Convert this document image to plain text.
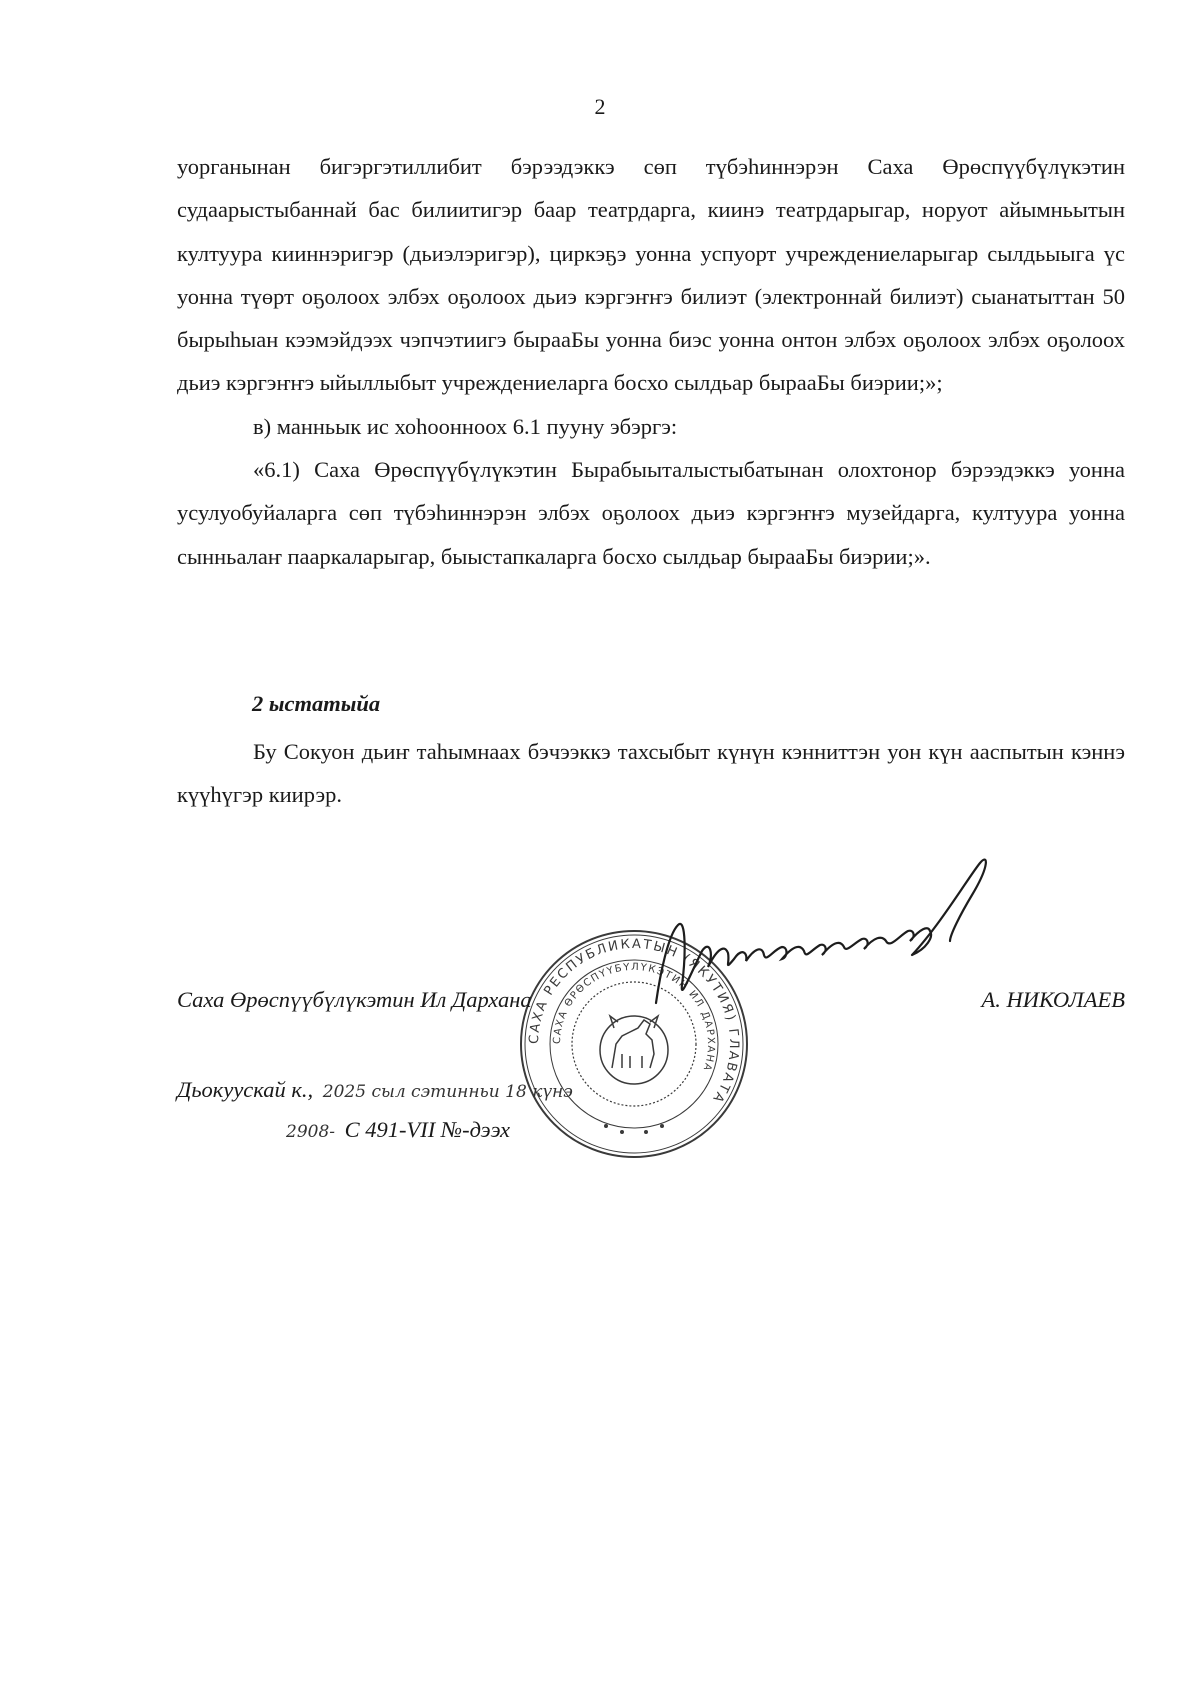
2

уорганынан бигэргэтиллибит бэрээдэккэ сөп түбэһиннэрэн Саха Өрөспүүбүлүкэтин судаарыстыбаннай бас билиитигэр баар театрдарга, киинэ театрдарыгар, норуот айымньытын култуура кииннэригэр (дьиэлэригэр), циркэҕэ уонна успуорт учреждениеларыгар сылдьыыга үс уонна түөрт оҕолоох элбэх оҕолоох дьиэ кэргэҥҥэ билиэт (электроннай билиэт) сыанатыттан 50 бырыһыан кээмэйдээх чэпчэтиигэ бырааБы уонна биэс уонна онтон элбэх оҕолоох элбэх оҕолоох дьиэ кэргэҥҥэ ыйыллыбыт учреждениеларга босхо сылдьар бырааБы биэрии;»;

в) манньык ис хоһоонноох 6.1 пууну эбэргэ:

«6.1) Саха Өрөспүүбүлүкэтин Бырабыыталыстыбатынан олохтонор бэрээдэккэ уонна усулуобуйаларга сөп түбэһиннэрэн элбэх оҕолоох дьиэ кэргэҥҥэ музейдарга, култуура уонна сынньалаҥ пааркаларыгар, быыстапкаларга босхо сылдьар бырааБы биэрии;».

2 ыстатыйа

Бу Сокуон дьиҥ таһымнаах бэчээккэ тахсыбыт күнүн кэнниттэн уон күн ааспытын кэннэ күүһүгэр киирэр.

САХА РЕСПУБЛИКАТЫН (ЯКУТИЯ) ГЛАВАТА
САХА ӨРӨСПҮҮБҮЛҮКЭТИН ИЛ ДАРХАНА
Саха Өрөспүүбүлүкэтин Ил Дархана	А. НИКОЛАЕВ
Дьокуускай к., 2025 сыл сэтинньи 18 күнэ
2908- С 491-VII №-дээх
